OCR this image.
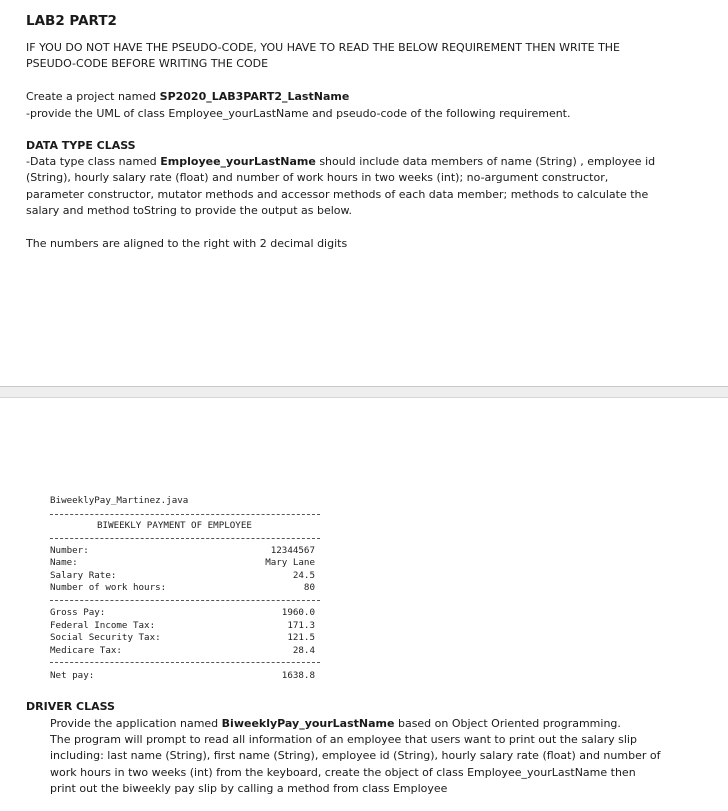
LAB2 PART2
IF YOU DO NOT HAVE THE PSEUDO-CODE, YOU HAVE TO READ THE BELOW REQUIREMENT THEN WRITE THE
PSEUDO-CODE BEFORE WRITING THE CODE
Create a project named SP2020_LAB3PART2_LastName
-provide the UML of class Employee_yourLastName and pseudo-code of the following requirement.
DATA TYPE CLASS
-Data type class named Employee_yourLastName should include data members of name (String) , employee id
(String), hourly salary rate (float) and number of work hours in two weeks (int); no-argument constructor,
parameter constructor, mutator methods and accessor methods of each data member; methods to calculate the
salary and method toString to provide the output as below.
The numbers are aligned to the right with 2 decimal digits
BiweeklyPay_Martinez.java
BIWEEKLY PAYMENT OF EMPLOYEE
Number:	12344567
Name:	Mary Lane
Salary Rate:	24.5
Number of work hours:	80
Gross Pay:	1960.0
Federal Income Tax:	171.3
Social Security Tax:	121.5
Medicare Tax:	28.4
Net pay:	1638.8
DRIVER CLASS
Provide the application named BiweeklyPay_yourLastName based on Object Oriented programming.
The program will prompt to read all information of an employee that users want to print out the salary slip
including: last name (String), first name (String), employee id (String), hourly salary rate (float) and number of
work hours in two weeks (int) from the keyboard, create the object of class Employee_yourLastName then
print out the biweekly pay slip by calling a method from class Employee
